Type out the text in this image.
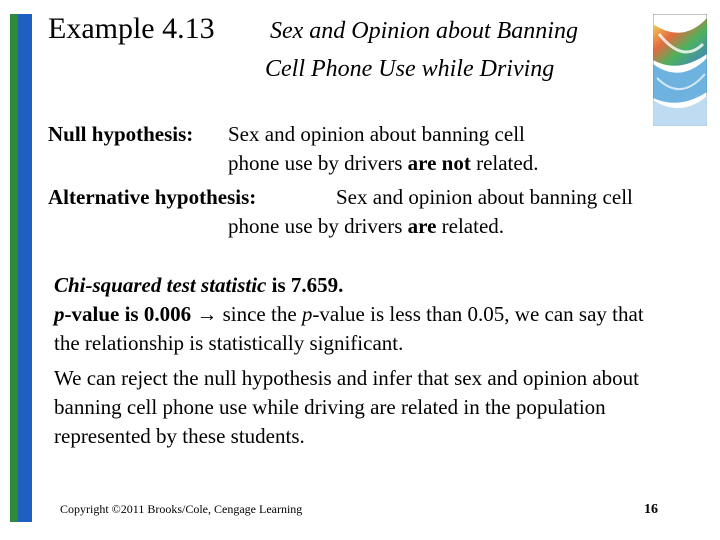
Example 4.13 Sex and Opinion about Banning
Cell Phone Use while Driving
Null hypothesis: Sex and opinion about banning cell
phone use by drivers are not related.
Alternative hypothesis:	Sex and opinion about banning cell
phone use by drivers are related.

Chi-squared test statistic is 7.659.

p-value is 0.006 → since the p-value is less than 0.05, we can say that the relationship is statistically significant.

We can reject the null hypothesis and infer that sex and opinion about banning cell phone use while driving are related in the population represented by these students.

Copyright ©2011 Brooks/Cole, Cengage Learning	16
